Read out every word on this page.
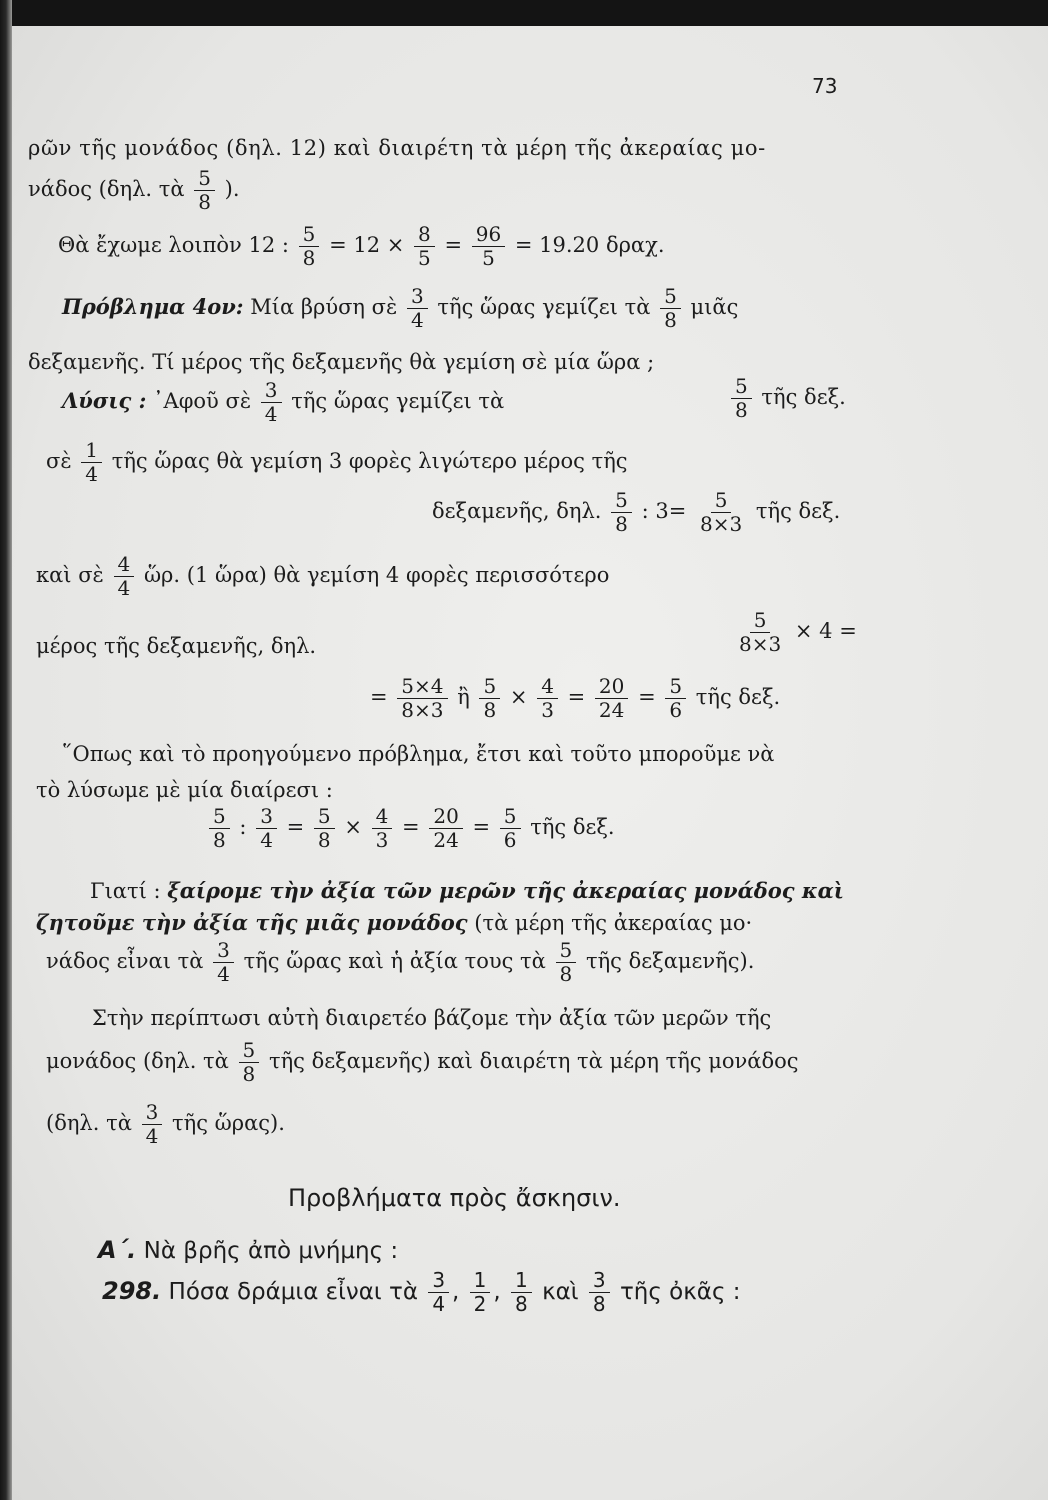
73
ρῶν τῆς μονάδος (δηλ. 12) καὶ διαιρέτη τὰ μέρη τῆς ἀκεραίας μο-
νάδος (δηλ. τὰ $\frac{5}{8}$ ).
Θὰ ἔχωμε λοιπὸν 12 : $\frac{5}{8} = 12 \times \frac{8}{5} = \frac{96}{5} = 19.20$ δραχ.
Πρόβλημα 4ον: Μία βρύση σὲ $\frac{3}{4}$ τῆς ὥρας γεμίζει τὰ $\frac{5}{8}$ μιᾶς
δεξαμενῆς. Τί μέρος τῆς δεξαμενῆς θὰ γεμίση σὲ μία ὥρα ;
Λύσις : ᾿Αφοῦ σὲ $\frac{3}{4}$ τῆς ὥρας γεμίζει τὰ	$\frac{5}{8}$ τῆς δεξ.
σὲ $\frac{1}{4}$ τῆς ὥρας θὰ γεμίση 3 φορὲς λιγώτερο μέρος τῆς
δεξαμενῆς, δηλ. $\frac{5}{8}$ : $3= \frac{5}{8\times 3}$ τῆς δεξ.
καὶ σὲ $\frac{4}{4}$ ὥρ. (1 ὥρα) θὰ γεμίση 4 φορὲς περισσότερο
μέρος τῆς δεξαμενῆς, δηλ.	$\frac{5}{8\times 3} \times 4$ =
= $\frac{5\times 4}{8\times 3}$ ἢ $\frac{5}{8} \times \frac{4}{3} = \frac{20}{24} = \frac{5}{6}$ τῆς δεξ.
῞Οπως καὶ τὸ προηγούμενο πρόβλημα, ἔτσι καὶ τοῦτο μποροῦμε νὰ
τὸ λύσωμε μὲ μία διαίρεσι :
$\frac{5}{8}$ : $\frac{3}{4} = \frac{5}{8} \times \frac{4}{3} = \frac{20}{24} = \frac{5}{6}$ τῆς δεξ.
Γιατί : ξαίρομε τὴν ἀξία τῶν μερῶν τῆς ἀκεραίας μονάδος καὶ
ζητοῦμε τὴν ἀξία τῆς μιᾶς μονάδος (τὰ μέρη τῆς ἀκεραίας μο·
νάδος εἶναι τὰ $\frac{3}{4}$ τῆς ὥρας καὶ ἡ ἀξία τους τὰ $\frac{5}{8}$ τῆς δεξαμενῆς).
Στὴν περίπτωσι αὐτὴ διαιρετέο βάζομε τὴν ἀξία τῶν μερῶν τῆς
μονάδος (δηλ. τὰ $\frac{5}{8}$ τῆς δεξαμενῆς) καὶ διαιρέτη τὰ μέρη τῆς μονάδος
(δηλ. τὰ $\frac{3}{4}$ τῆς ὥρας).
Προβλήματα πρὸς ἄσκησιν.
Α΄. Νὰ βρῆς ἀπὸ μνήμης :
298. Πόσα δράμια εἶναι τὰ $\frac{3}{4}$ , $\frac{1}{2}$ , $\frac{1}{8}$ καὶ $\frac{3}{8}$ τῆς ὀκᾶς :
